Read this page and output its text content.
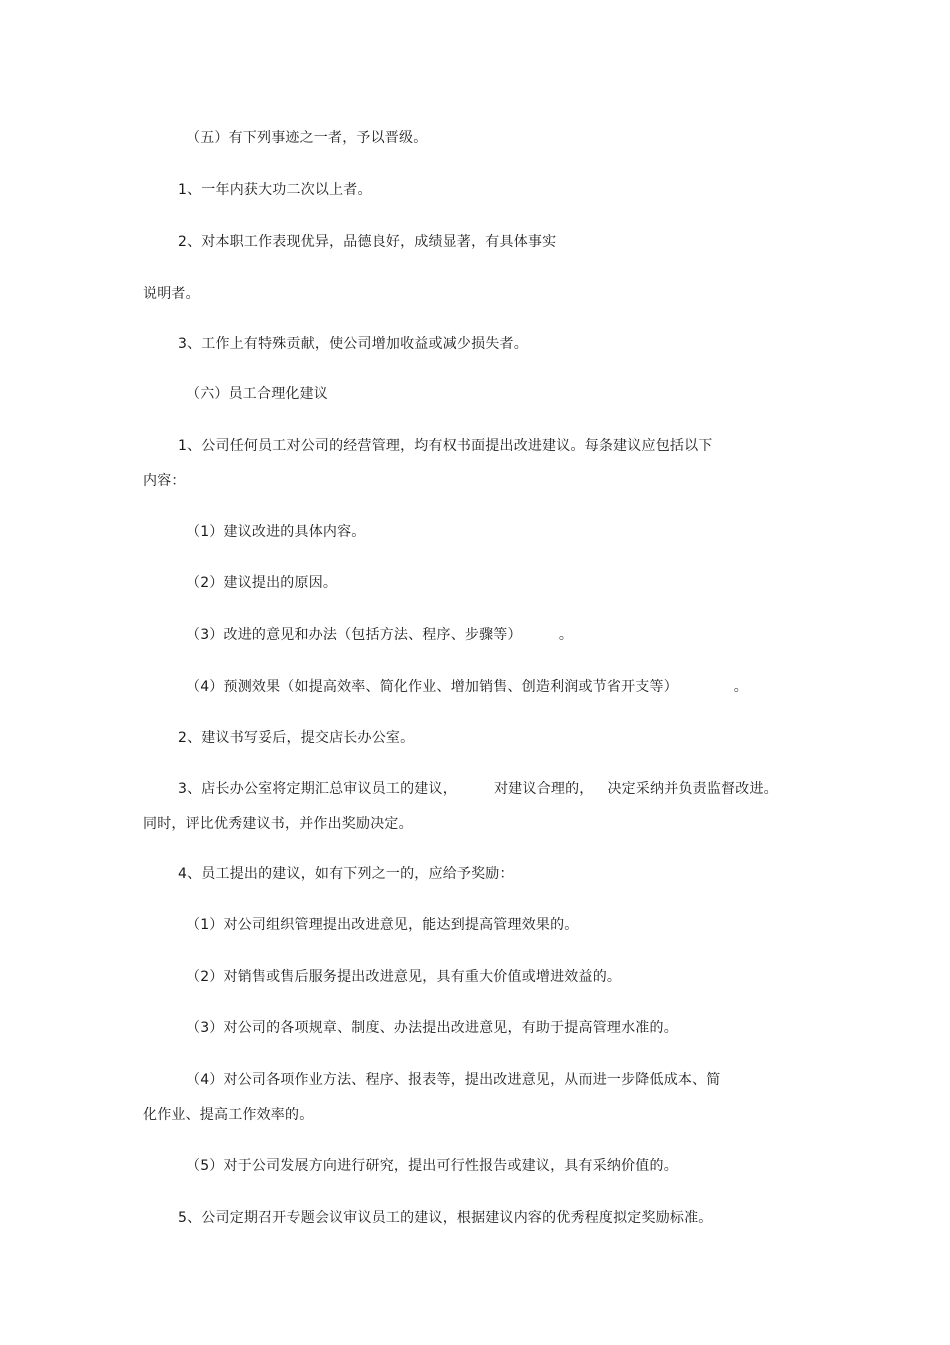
（五）有下列事迹之一者，予以晋级。
1、一年内获大功二次以上者。
2、对本职工作表现优异，品德良好，成绩显著，有具体事实
说明者。
3、工作上有特殊贡献，使公司增加收益或减少损失者。
（六）员工合理化建议
1、公司任何员工对公司的经营管理，均有权书面提出改进建议。每条建议应包括以下
内容：
（1）建议改进的具体内容。
（2）建议提出的原因。
（3）改进的意见和办法（包括方法、程序、步骤等）        。
（4）预测效果（如提高效率、简化作业、增加销售、创造利润或节省开支等）            。
2、建议书写妥后，提交店长办公室。
3、店长办公室将定期汇总审议员工的建议，        对建议合理的，   决定采纳并负责监督改进。
同时，评比优秀建议书，并作出奖励决定。
4、员工提出的建议，如有下列之一的，应给予奖励：
（1）对公司组织管理提出改进意见，能达到提高管理效果的。
（2）对销售或售后服务提出改进意见，具有重大价值或增进效益的。
（3）对公司的各项规章、制度、办法提出改进意见，有助于提高管理水准的。
（4）对公司各项作业方法、程序、报表等，提出改进意见，从而进一步降低成本、简
化作业、提高工作效率的。
（5）对于公司发展方向进行研究，提出可行性报告或建议，具有采纳价值的。
5、公司定期召开专题会议审议员工的建议，根据建议内容的优秀程度拟定奖励标准。
